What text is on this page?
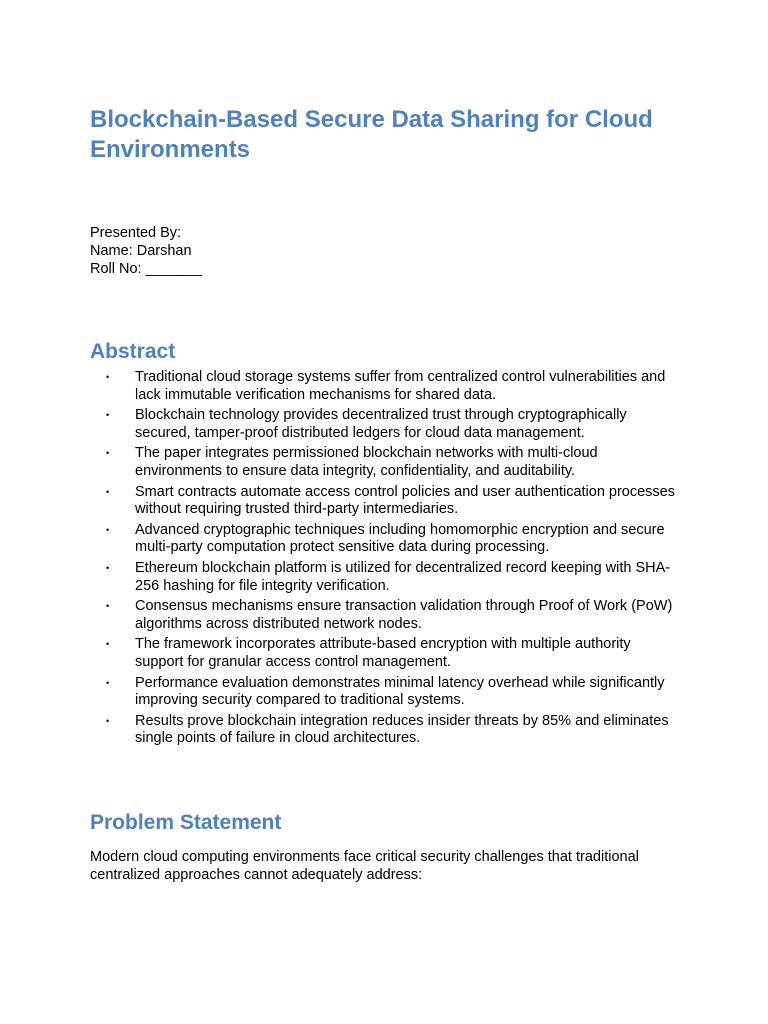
Blockchain-Based Secure Data Sharing for Cloud Environments
Presented By:
Name: Darshan
Roll No: _______
Abstract
• Traditional cloud storage systems suffer from centralized control vulnerabilities and lack immutable verification mechanisms for shared data.
• Blockchain technology provides decentralized trust through cryptographically secured, tamper-proof distributed ledgers for cloud data management.
• The paper integrates permissioned blockchain networks with multi-cloud environments to ensure data integrity, confidentiality, and auditability.
• Smart contracts automate access control policies and user authentication processes without requiring trusted third-party intermediaries.
• Advanced cryptographic techniques including homomorphic encryption and secure multi-party computation protect sensitive data during processing.
• Ethereum blockchain platform is utilized for decentralized record keeping with SHA-256 hashing for file integrity verification.
• Consensus mechanisms ensure transaction validation through Proof of Work (PoW) algorithms across distributed network nodes.
• The framework incorporates attribute-based encryption with multiple authority support for granular access control management.
• Performance evaluation demonstrates minimal latency overhead while significantly improving security compared to traditional systems.
• Results prove blockchain integration reduces insider threats by 85% and eliminates single points of failure in cloud architectures.
Problem Statement

Modern cloud computing environments face critical security challenges that traditional centralized approaches cannot adequately address:
